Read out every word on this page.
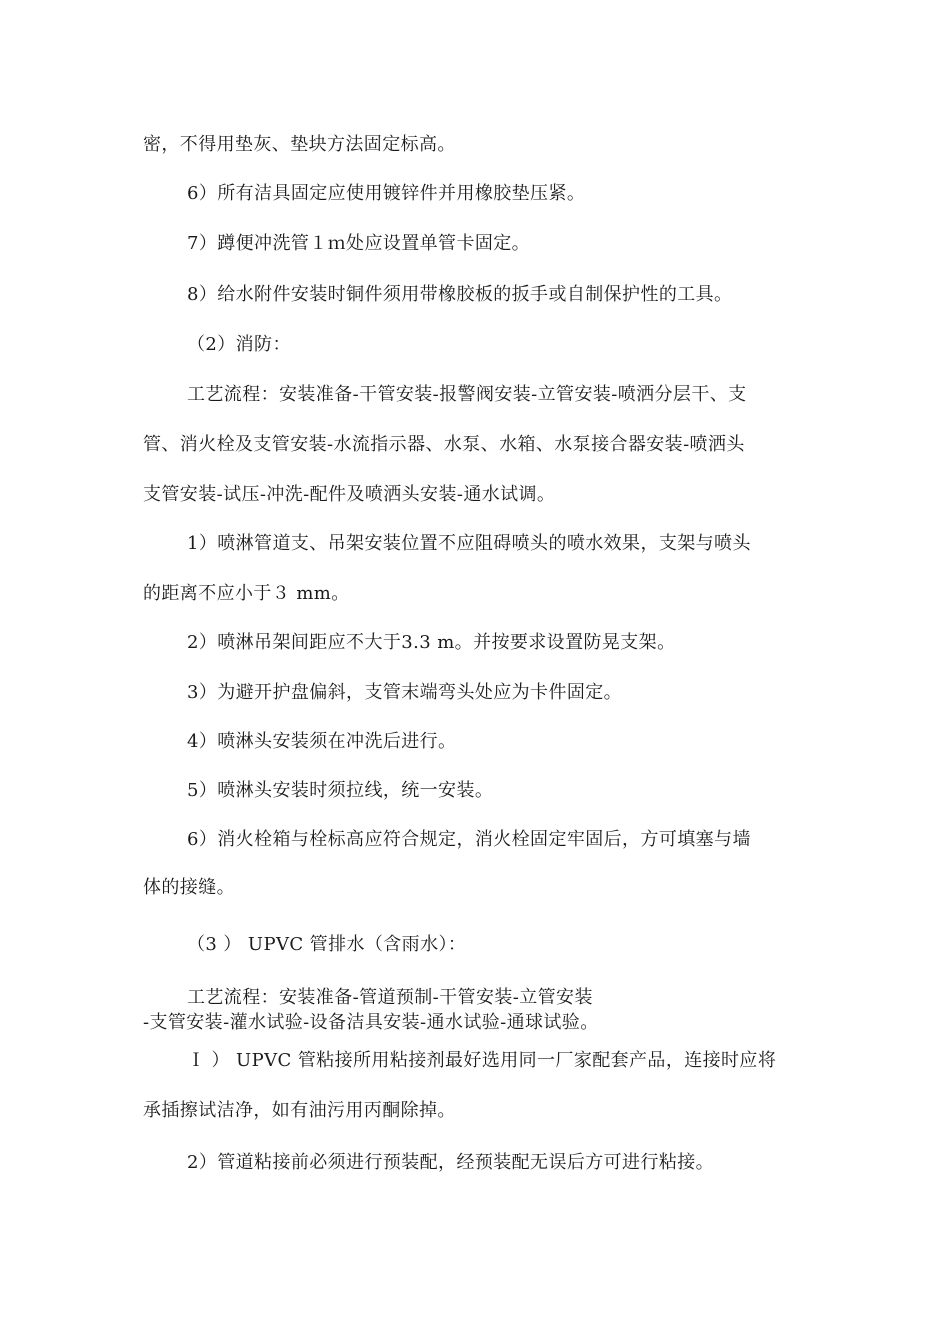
密，不得用垫灰、垫块方法固定标高。
6）所有洁具固定应使用镀锌件并用橡胶垫压紧。
7）蹲便冲洗管１ｍ处应设置单管卡固定。
8）给水附件安装时铜件须用带橡胶板的扳手或自制保护性的工具。
（2）消防：
工艺流程：安装准备-干管安装-报警阀安装-立管安装-喷洒分层干、支
管、消火栓及支管安装-水流指示器、水泵、水箱、水泵接合器安装-喷洒头
支管安装-试压-冲洗-配件及喷洒头安装-通水试调。
1）喷淋管道支、吊架安装位置不应阻碍喷头的喷水效果，支架与喷头
的距离不应小于３ mm。
2）喷淋吊架间距应不大于3.3 m。并按要求设置防晃支架。
3）为避开护盘偏斜，支管末端弯头处应为卡件固定。
4）喷淋头安装须在冲洗后进行。
5）喷淋头安装时须拉线，统一安装。
6）消火栓箱与栓标高应符合规定，消火栓固定牢固后，方可填塞与墙
体的接缝。
（3 ） UPVC 管排水（含雨水）：
工艺流程：安装准备-管道预制-干管安装-立管安装
-支管安装-灌水试验-设备洁具安装-通水试验-通球试验。
Ｉ ） UPVC 管粘接所用粘接剂最好选用同一厂家配套产品，连接时应将
承插擦试洁净，如有油污用丙酮除掉。
2）管道粘接前必须进行预装配，经预装配无误后方可进行粘接。
